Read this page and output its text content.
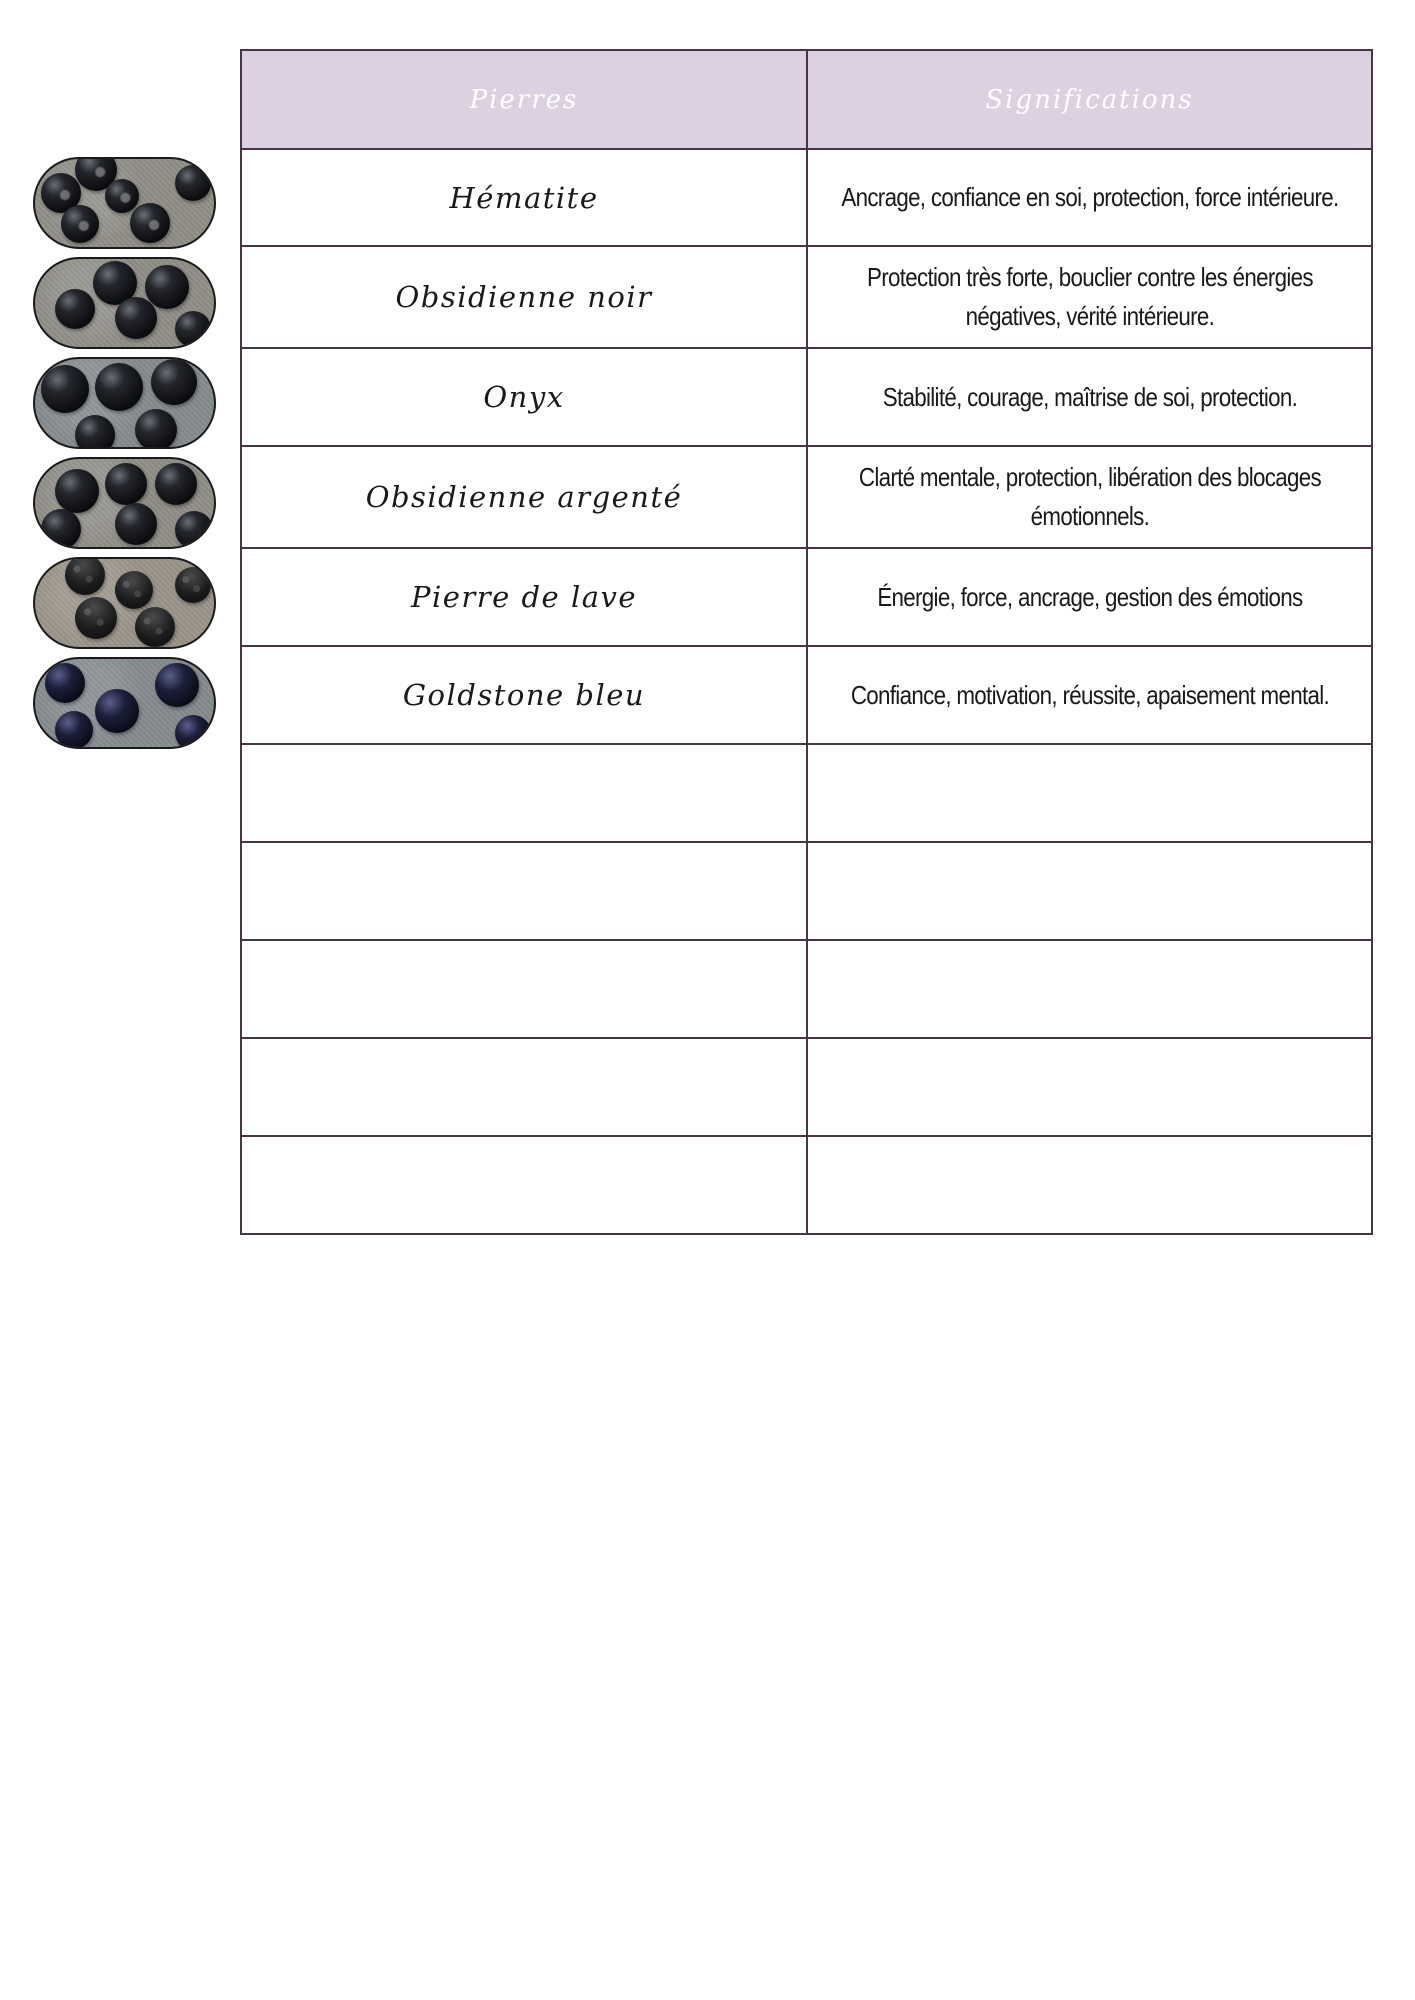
Pierres	Significations
Hématite	Ancrage, confiance en soi, protection, force intérieure.
Obsidienne noir	Protection très forte, bouclier contre les énergies négatives, vérité intérieure.
Onyx	Stabilité, courage, maîtrise de soi, protection.
Obsidienne argenté	Clarté mentale, protection, libération des blocages émotionnels.
Pierre de lave	Énergie, force, ancrage, gestion des émotions
Goldstone bleu	Confiance, motivation, réussite, apaisement mental.
